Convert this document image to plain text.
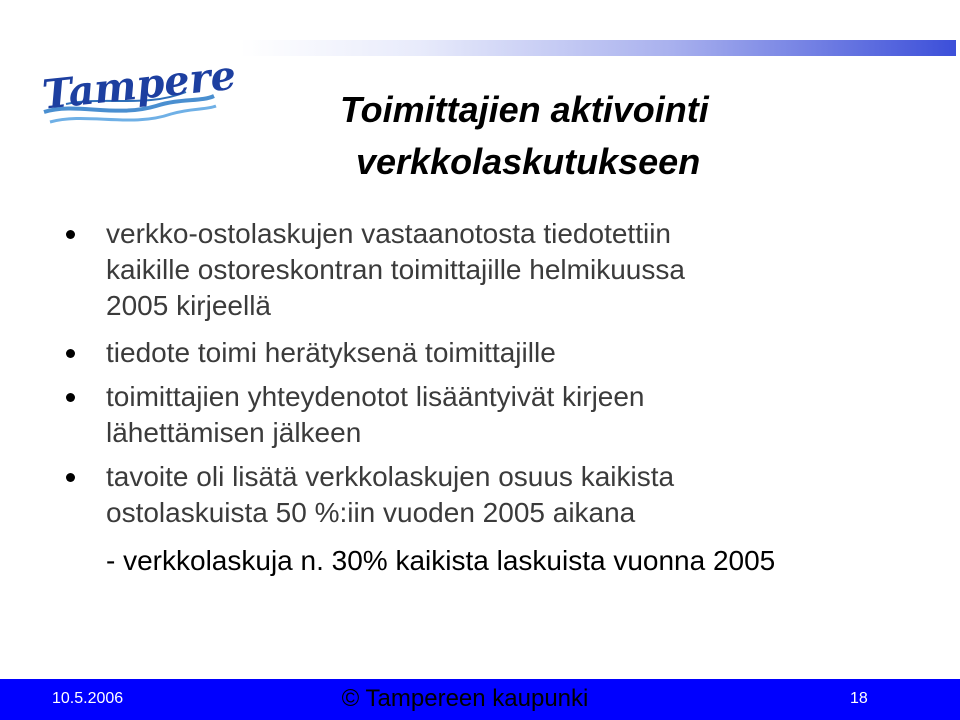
Tampere	Toimittajien aktivointi
verkkolaskutukseen
verkko-ostolaskujen vastaanotosta tiedotettiin
kaikille ostoreskontran toimittajille helmikuussa
2005 kirjeellä
tiedote toimi herätyksenä toimittajille
toimittajien yhteydenotot lisääntyivät kirjeen
lähettämisen jälkeen
tavoite oli lisätä verkkolaskujen osuus kaikista
ostolaskuista 50 %:iin vuoden 2005 aikana
- verkkolaskuja n. 30% kaikista laskuista vuonna 2005
10.5.2006	© Tampereen kaupunki	18
